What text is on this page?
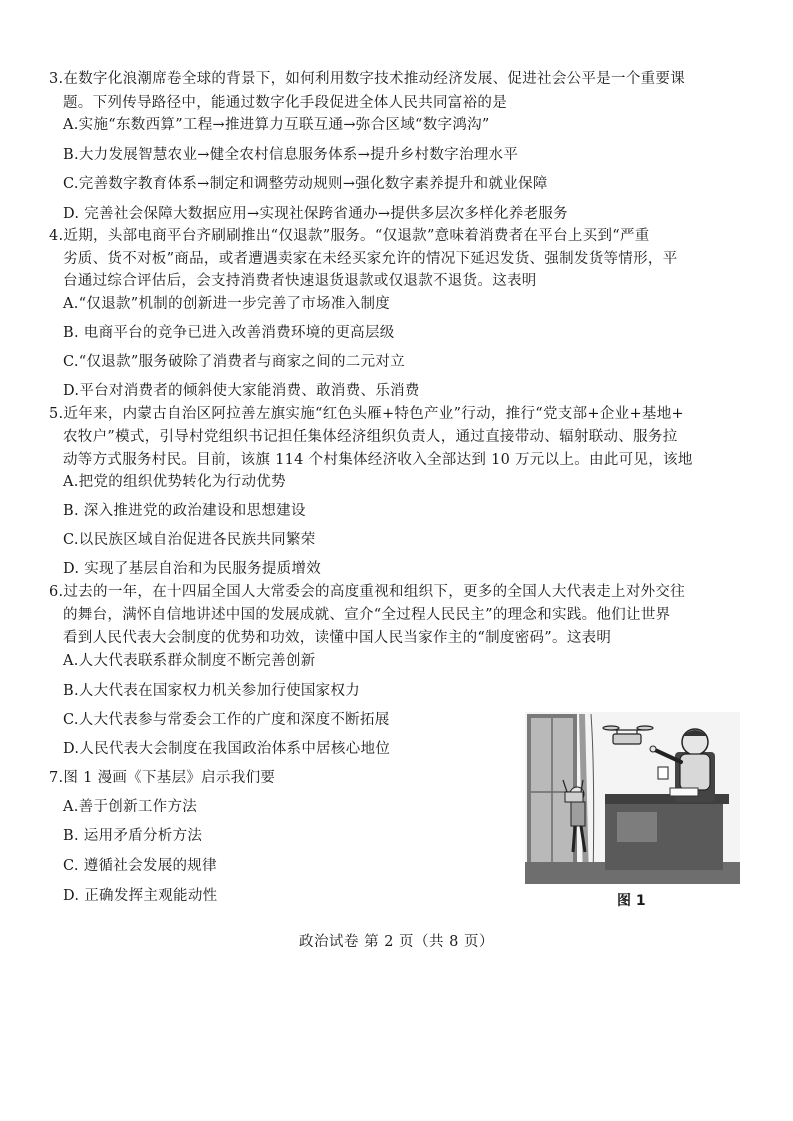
3.在数字化浪潮席卷全球的背景下，如何利用数字技术推动经济发展、促进社会公平是一个重要课
题。下列传导路径中，能通过数字化手段促进全体人民共同富裕的是
A.实施“东数西算”工程→推进算力互联互通→弥合区域“数字鸿沟”
B.大力发展智慧农业→健全农村信息服务体系→提升乡村数字治理水平
C.完善数字教育体系→制定和调整劳动规则→强化数字素养提升和就业保障
D. 完善社会保障大数据应用→实现社保跨省通办→提供多层次多样化养老服务
4.近期，头部电商平台齐刷刷推出“仅退款”服务。“仅退款”意味着消费者在平台上买到“严重
劣质、货不对板”商品，或者遭遇卖家在未经买家允许的情况下延迟发货、强制发货等情形，平
台通过综合评估后，会支持消费者快速退货退款或仅退款不退货。这表明
A.“仅退款”机制的创新进一步完善了市场准入制度
B. 电商平台的竞争已进入改善消费环境的更高层级
C.“仅退款”服务破除了消费者与商家之间的二元对立
D.平台对消费者的倾斜使大家能消费、敢消费、乐消费
5.近年来，内蒙古自治区阿拉善左旗实施“红色头雁+特色产业”行动，推行“党支部+企业+基地+
农牧户”模式，引导村党组织书记担任集体经济组织负责人，通过直接带动、辐射联动、服务拉
动等方式服务村民。目前，该旗 114 个村集体经济收入全部达到 10 万元以上。由此可见，该地
A.把党的组织优势转化为行动优势
B. 深入推进党的政治建设和思想建设
C.以民族区域自治促进各民族共同繁荣
D. 实现了基层自治和为民服务提质增效
6.过去的一年，在十四届全国人大常委会的高度重视和组织下，更多的全国人大代表走上对外交往
的舞台，满怀自信地讲述中国的发展成就、宣介“全过程人民民主”的理念和实践。他们让世界
看到人民代表大会制度的优势和功效，读懂中国人民当家作主的“制度密码”。这表明
A.人大代表联系群众制度不断完善创新
B.人大代表在国家权力机关参加行使国家权力
C.人大代表参与常委会工作的广度和深度不断拓展
D.人民代表大会制度在我国政治体系中居核心地位
7.图 1 漫画《下基层》启示我们要
A.善于创新工作方法
B. 运用矛盾分析方法
C. 遵循社会发展的规律
D. 正确发挥主观能动性	图 1
政治试卷 第 2 页（共 8 页）
